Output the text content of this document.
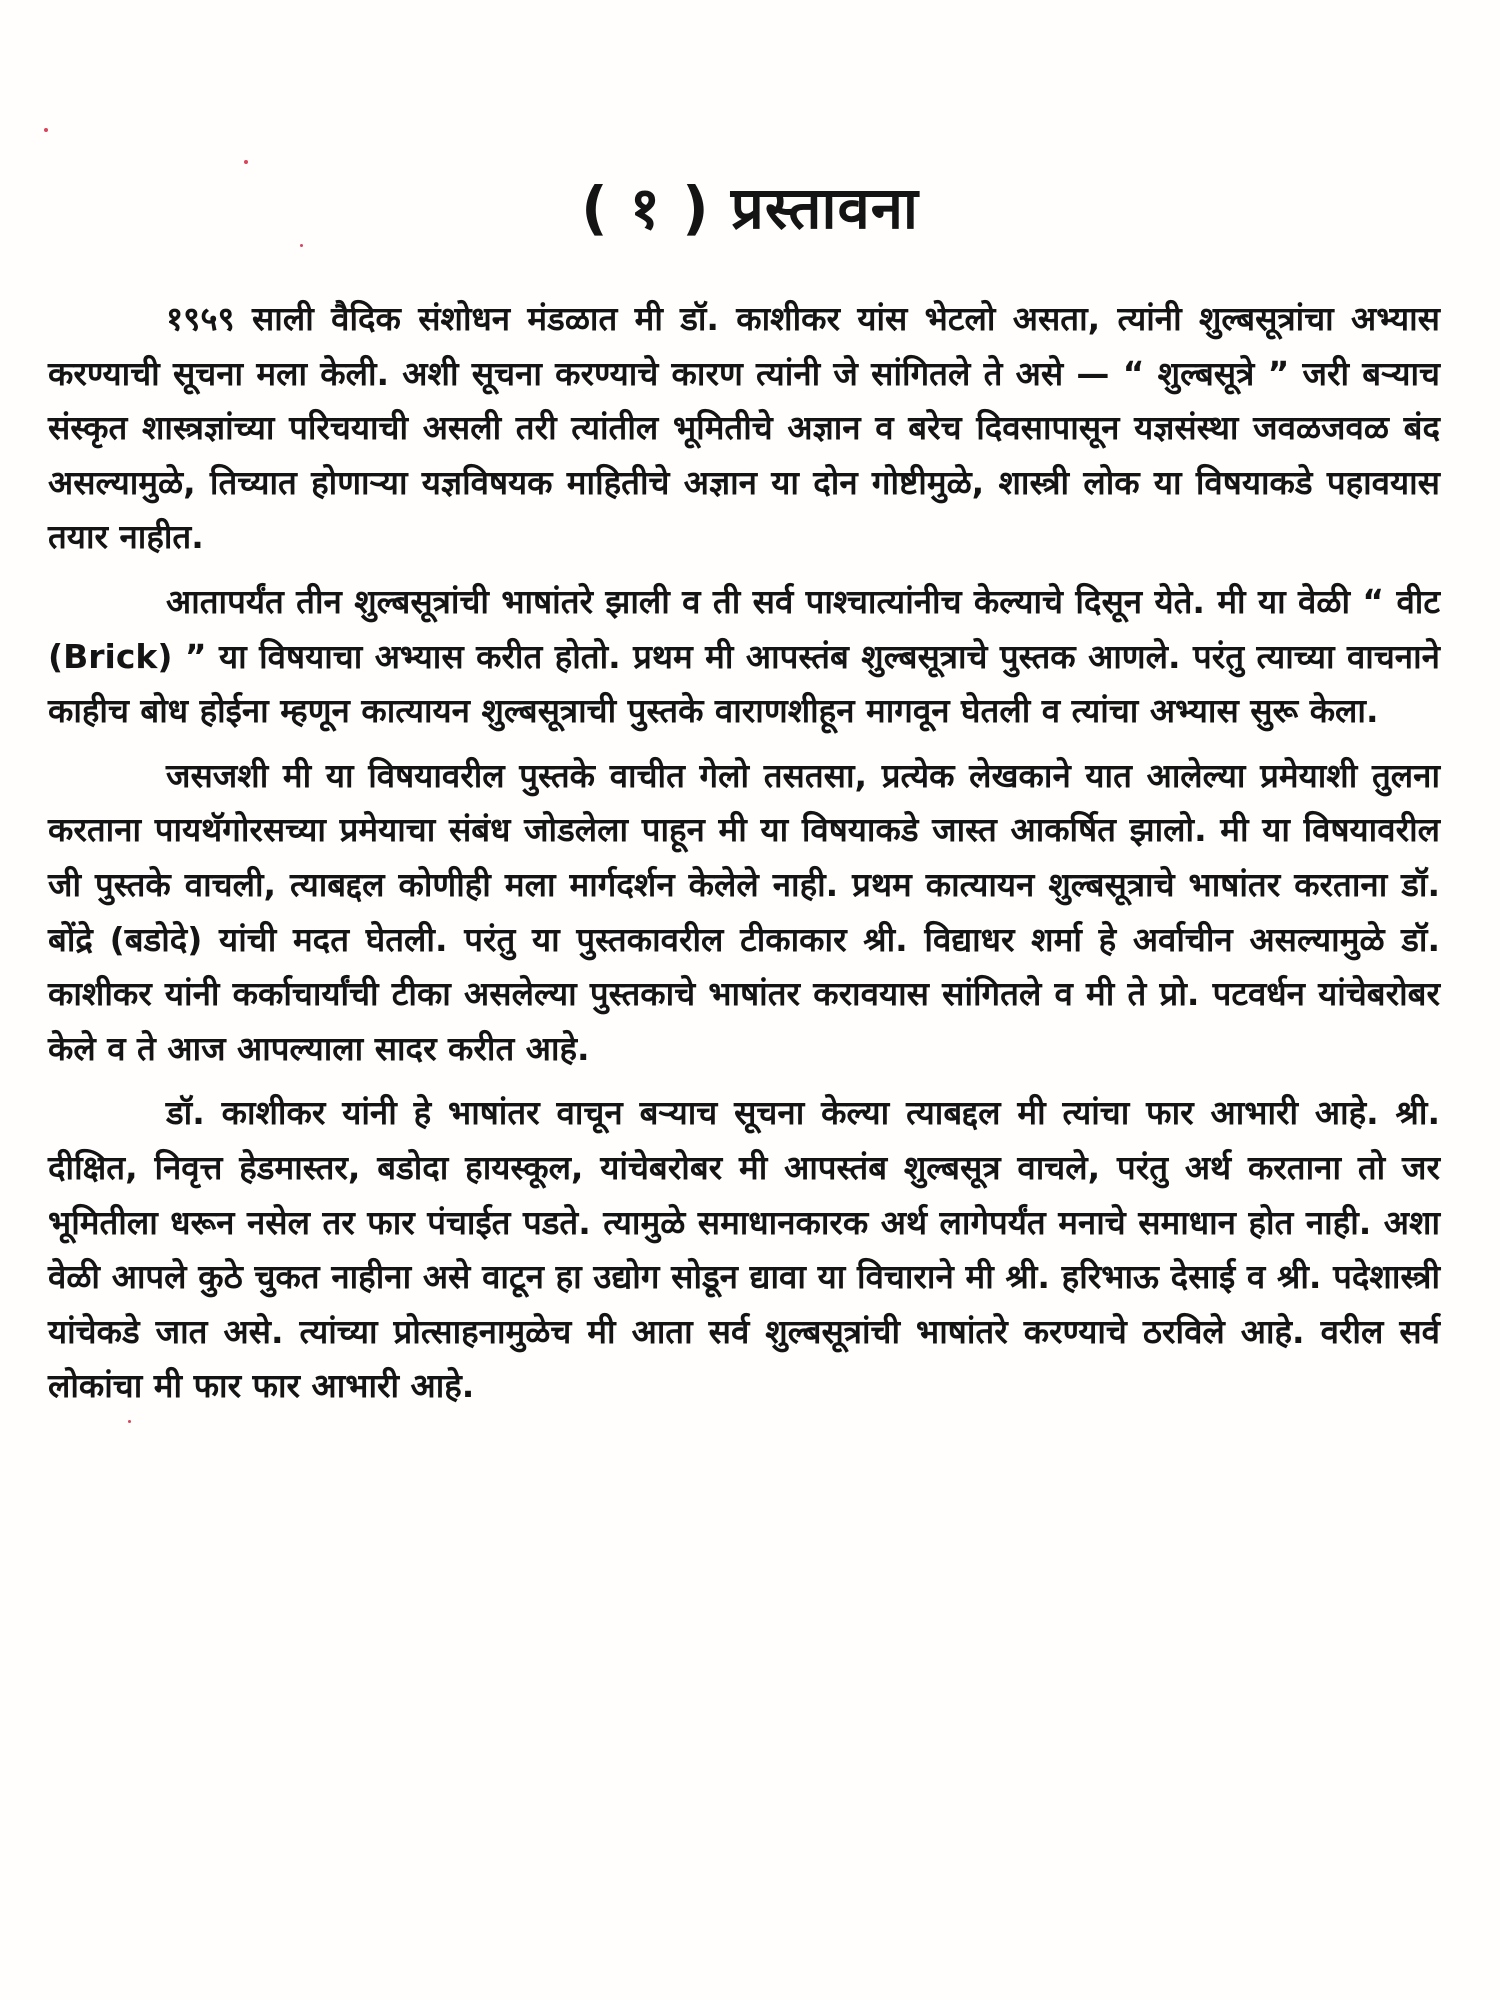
( १ ) प्रस्तावना

१९५९ साली वैदिक संशोधन मंडळात मी डॉ. काशीकर यांस भेटलो असता, त्यांनी शुल्बसूत्रांचा अभ्यास करण्याची सूचना मला केली. अशी सूचना करण्याचे कारण त्यांनी जे सांगितले ते असे — “ शुल्बसूत्रे ” जरी बऱ्याच संस्कृत शास्त्रज्ञांच्या परिचयाची असली तरी त्यांतील भूमितीचे अज्ञान व बरेच दिवसापासून यज्ञसंस्था जवळजवळ बंद असल्यामुळे, तिच्यात होणाऱ्या यज्ञविषयक माहितीचे अज्ञान या दोन गोष्टीमुळे, शास्त्री लोक या विषयाकडे पहावयास तयार नाहीत.

आतापर्यंत तीन शुल्बसूत्रांची भाषांतरे झाली व ती सर्व पाश्चात्यांनीच केल्याचे दिसून येते. मी या वेळी “ वीट (Brick) ” या विषयाचा अभ्यास करीत होतो. प्रथम मी आपस्तंब शुल्बसूत्राचे पुस्तक आणले. परंतु त्याच्या वाचनाने काहीच बोध होईना म्हणून कात्यायन शुल्बसूत्राची पुस्तके वाराणशीहून मागवून घेतली व त्यांचा अभ्यास सुरू केला.

जसजशी मी या विषयावरील पुस्तके वाचीत गेलो तसतसा, प्रत्येक लेखकाने यात आलेल्या प्रमेयाशी तुलना करताना पायथॅगोरसच्या प्रमेयाचा संबंध जोडलेला पाहून मी या विषयाकडे जास्त आकर्षित झालो. मी या विषयावरील जी पुस्तके वाचली, त्याबद्दल कोणीही मला मार्गदर्शन केलेले नाही. प्रथम कात्यायन शुल्बसूत्राचे भाषांतर करताना डॉ. बोंद्रे (बडोदे) यांची मदत घेतली. परंतु या पुस्तकावरील टीकाकार श्री. विद्याधर शर्मा हे अर्वाचीन असल्यामुळे डॉ. काशीकर यांनी कर्काचार्यांची टीका असलेल्या पुस्तकाचे भाषांतर करावयास सांगितले व मी ते प्रो. पटवर्धन यांचेबरोबर केले व ते आज आपल्याला सादर करीत आहे.

डॉ. काशीकर यांनी हे भाषांतर वाचून बऱ्याच सूचना केल्या त्याबद्दल मी त्यांचा फार आभारी आहे. श्री. दीक्षित, निवृत्त हेडमास्तर, बडोदा हायस्कूल, यांचेबरोबर मी आपस्तंब शुल्बसूत्र वाचले, परंतु अर्थ करताना तो जर भूमितीला धरून नसेल तर फार पंचाईत पडते. त्यामुळे समाधानकारक अर्थ लागेपर्यंत मनाचे समाधान होत नाही. अशा वेळी आपले कुठे चुकत नाहीना असे वाटून हा उद्योग सोडून द्यावा या विचाराने मी श्री. हरिभाऊ देसाई व श्री. पदेशास्त्री यांचेकडे जात असे. त्यांच्या प्रोत्साहनामुळेच मी आता सर्व शुल्बसूत्रांची भाषांतरे करण्याचे ठरविले आहे. वरील सर्व लोकांचा मी फार फार आभारी आहे.
